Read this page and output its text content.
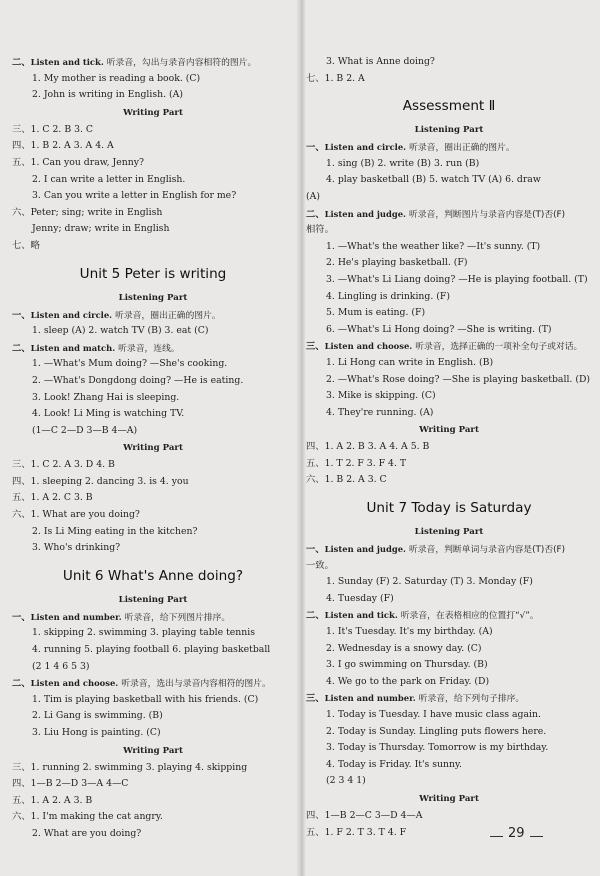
二、Listen and tick. 听录音，勾出与录音内容相符的图片。
1. My mother is reading a book. (C)
2. John is writing in English. (A)
Writing Part
三、1. C 2. B 3. C
四、1. B 2. A 3. A 4. A
五、1. Can you draw, Jenny?
2. I can write a letter in English.
3. Can you write a letter in English for me?
六、Peter; sing; write in English
Jenny; draw; write in English
七、略
Unit 5 Peter is writing
Listening Part
一、Listen and circle. 听录音，圈出正确的图片。
1. sleep (A) 2. watch TV (B) 3. eat (C)
二、Listen and match. 听录音，连线。
1. —What's Mum doing? —She's cooking.
2. —What's Dongdong doing? —He is eating.
3. Look! Zhang Hai is sleeping.
4. Look! Li Ming is watching TV.
(1—C 2—D 3—B 4—A)
Writing Part
三、1. C 2. A 3. D 4. B
四、1. sleeping 2. dancing 3. is 4. you
五、1. A 2. C 3. B
六、1. What are you doing?
2. Is Li Ming eating in the kitchen?
3. Who's drinking?
Unit 6 What's Anne doing?
Listening Part
一、Listen and number. 听录音，给下列图片排序。
1. skipping 2. swimming 3. playing table tennis
4. running 5. playing football 6. playing basketball
(2 1 4 6 5 3)
二、Listen and choose. 听录音，选出与录音内容相符的图片。
1. Tim is playing basketball with his friends. (C)
2. Li Gang is swimming. (B)
3. Liu Hong is painting. (C)
Writing Part
三、1. running 2. swimming 3. playing 4. skipping
四、1—B 2—D 3—A 4—C
五、1. A 2. A 3. B
六、1. I'm making the cat angry.
2. What are you doing?
3. What is Anne doing?
七、1. B 2. A
Assessment Ⅱ
Listening Part
一、Listen and circle. 听录音，圈出正确的图片。
1. sing (B) 2. write (B) 3. run (B)
4. play basketball (B) 5. watch TV (A) 6. draw
(A)
二、Listen and judge. 听录音，判断图片与录音内容是(T)否(F)
相符。
1. —What's the weather like? —It's sunny. (T)
2. He's playing basketball. (F)
3. —What's Li Liang doing? —He is playing football. (T)
4. Lingling is drinking. (F)
5. Mum is eating. (F)
6. —What's Li Hong doing? —She is writing. (T)
三、Listen and choose. 听录音，选择正确的一项补全句子或对话。
1. Li Hong can write in English. (B)
2. —What's Rose doing? —She is playing basketball. (D)
3. Mike is skipping. (C)
4. They're running. (A)
Writing Part
四、1. A 2. B 3. A 4. A 5. B
五、1. T 2. F 3. F 4. T
六、1. B 2. A 3. C
Unit 7 Today is Saturday
Listening Part
一、Listen and judge. 听录音，判断单词与录音内容是(T)否(F)
一致。
1. Sunday (F) 2. Saturday (T) 3. Monday (F)
4. Tuesday (F)
二、Listen and tick. 听录音，在表格相应的位置打“√”。
1. It's Tuesday. It's my birthday. (A)
2. Wednesday is a snowy day. (C)
3. I go swimming on Thursday. (B)
4. We go to the park on Friday. (D)
三、Listen and number. 听录音，给下列句子排序。
1. Today is Tuesday. I have music class again.
2. Today is Sunday. Lingling puts flowers here.
3. Today is Thursday. Tomorrow is my birthday.
4. Today is Friday. It's sunny.
(2 3 4 1)
Writing Part
四、1—B 2—C 3—D 4—A
五、1. F 2. T 3. T 4. F	29
